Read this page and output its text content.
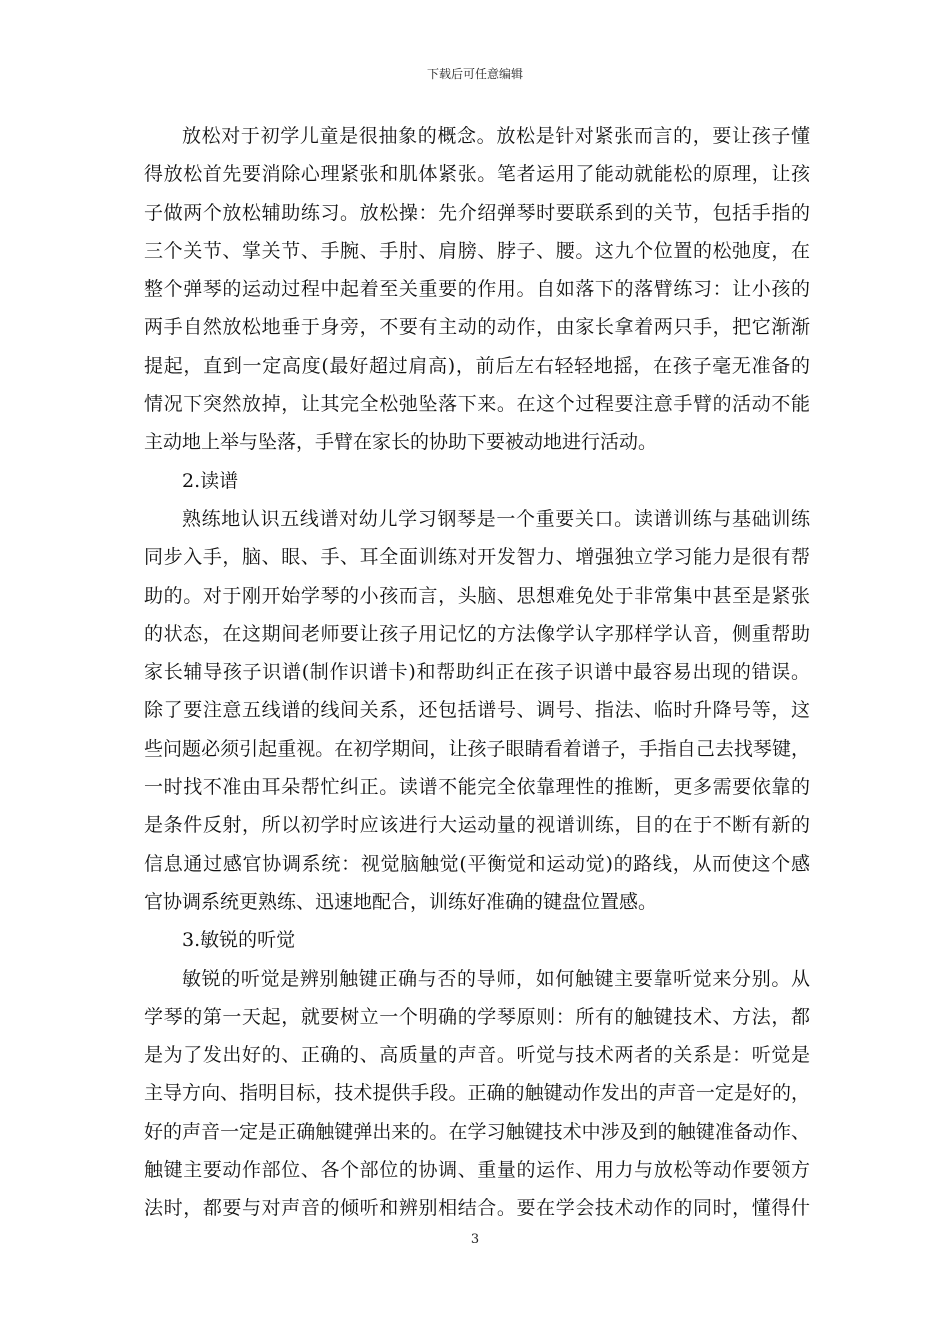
下载后可任意编辑
放松对于初学儿童是很抽象的概念。放松是针对紧张而言的，要让孩子懂
得放松首先要消除心理紧张和肌体紧张。笔者运用了能动就能松的原理，让孩
子做两个放松辅助练习。放松操：先介绍弹琴时要联系到的关节，包括手指的
三个关节、掌关节、手腕、手肘、肩膀、脖子、腰。这九个位置的松弛度，在
整个弹琴的运动过程中起着至关重要的作用。自如落下的落臂练习：让小孩的
两手自然放松地垂于身旁，不要有主动的动作，由家长拿着两只手，把它渐渐
提起，直到一定高度(最好超过肩高)，前后左右轻轻地摇，在孩子毫无准备的
情况下突然放掉，让其完全松弛坠落下来。在这个过程要注意手臂的活动不能
主动地上举与坠落，手臂在家长的协助下要被动地进行活动。
2.读谱
熟练地认识五线谱对幼儿学习钢琴是一个重要关口。读谱训练与基础训练
同步入手，脑、眼、手、耳全面训练对开发智力、增强独立学习能力是很有帮
助的。对于刚开始学琴的小孩而言，头脑、思想难免处于非常集中甚至是紧张
的状态，在这期间老师要让孩子用记忆的方法像学认字那样学认音，侧重帮助
家长辅导孩子识谱(制作识谱卡)和帮助纠正在孩子识谱中最容易出现的错误。
除了要注意五线谱的线间关系，还包括谱号、调号、指法、临时升降号等，这
些问题必须引起重视。在初学期间，让孩子眼睛看着谱子，手指自己去找琴键，
一时找不准由耳朵帮忙纠正。读谱不能完全依靠理性的推断，更多需要依靠的
是条件反射，所以初学时应该进行大运动量的视谱训练，目的在于不断有新的
信息通过感官协调系统：视觉脑触觉(平衡觉和运动觉)的路线，从而使这个感
官协调系统更熟练、迅速地配合，训练好准确的键盘位置感。
3.敏锐的听觉
敏锐的听觉是辨别触键正确与否的导师，如何触键主要靠听觉来分别。从
学琴的第一天起，就要树立一个明确的学琴原则：所有的触键技术、方法，都
是为了发出好的、正确的、高质量的声音。听觉与技术两者的关系是：听觉是
主导方向、指明目标，技术提供手段。正确的触键动作发出的声音一定是好的，
好的声音一定是正确触键弹出来的。在学习触键技术中涉及到的触键准备动作、
触键主要动作部位、各个部位的协调、重量的运作、用力与放松等动作要领方
法时，都要与对声音的倾听和辨别相结合。要在学会技术动作的同时，懂得什
3
